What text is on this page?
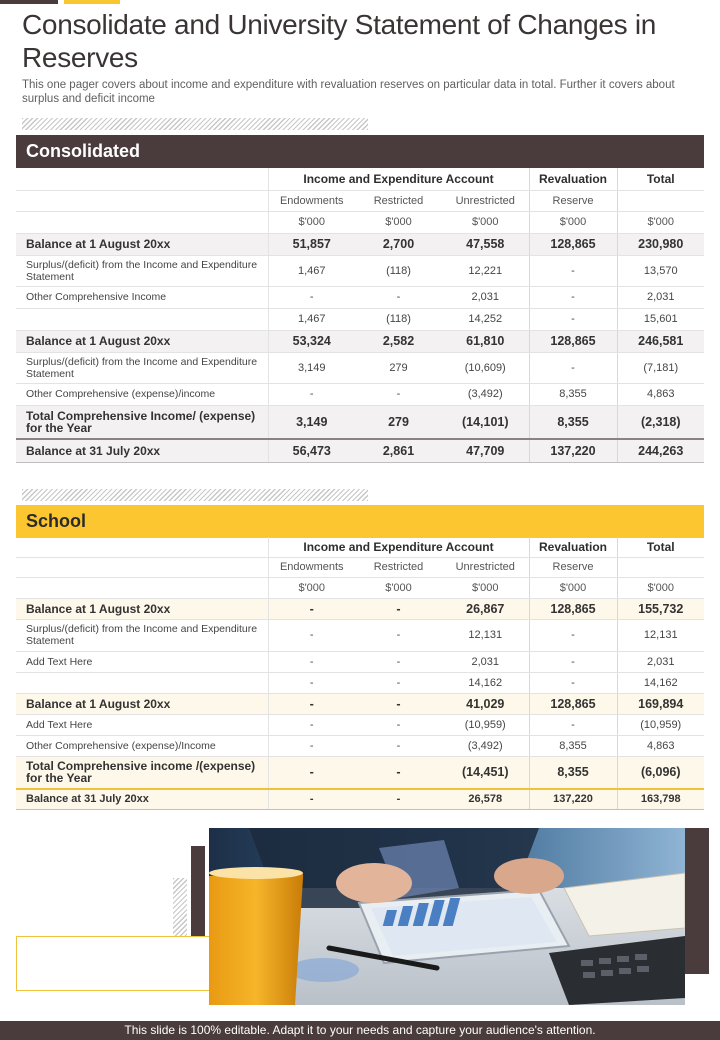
Consolidate and University Statement of Changes in Reserves
This one pager covers about income and expenditure with revaluation reserves on particular data in total. Further it covers about surplus and deficit income
Consolidated
	Income and Expenditure Account			Revaluation	Total
	Endowments	Restricted	Unrestricted	Reserve	
	$'000	$'000	$'000	$'000	$'000
Balance at 1 August 20xx	51,857	2,700	47,558	128,865	230,980
Surplus/(deficit) from the Income and Expenditure Statement	1,467	(118)	12,221	-	13,570
Other Comprehensive Income	-	-	2,031	-	2,031
	1,467	(118)	14,252	-	15,601
Balance at 1 August 20xx	53,324	2,582	61,810	128,865	246,581
Surplus/(deficit) from the Income and Expenditure Statement	3,149	279	(10,609)	-	(7,181)
Other Comprehensive (expense)/income	-	-	(3,492)	8,355	4,863
Total Comprehensive Income/ (expense) for the Year	3,149	279	(14,101)	8,355	(2,318)
Balance at 31 July 20xx	56,473	2,861	47,709	137,220	244,263
School
	Income and Expenditure Account			Revaluation	Total
	Endowments	Restricted	Unrestricted	Reserve	
	$'000	$'000	$'000	$'000	$'000
Balance at 1 August 20xx	-	-	26,867	128,865	155,732
Surplus/(deficit) from the Income and Expenditure Statement	-	-	12,131	-	12,131
Add Text Here	-	-	2,031	-	2,031
	-	-	14,162	-	14,162
Balance at 1 August 20xx	-	-	41,029	128,865	169,894
Add Text Here	-	-	(10,959)	-	(10,959)
Other Comprehensive (expense)/Income	-	-	(3,492)	8,355	4,863
Total Comprehensive income /(expense) for the Year	-	-	(14,451)	8,355	(6,096)
Balance at 31 July 20xx	-	-	26,578	137,220	163,798
This slide is 100% editable. Adapt it to your needs and capture your audience's attention.
